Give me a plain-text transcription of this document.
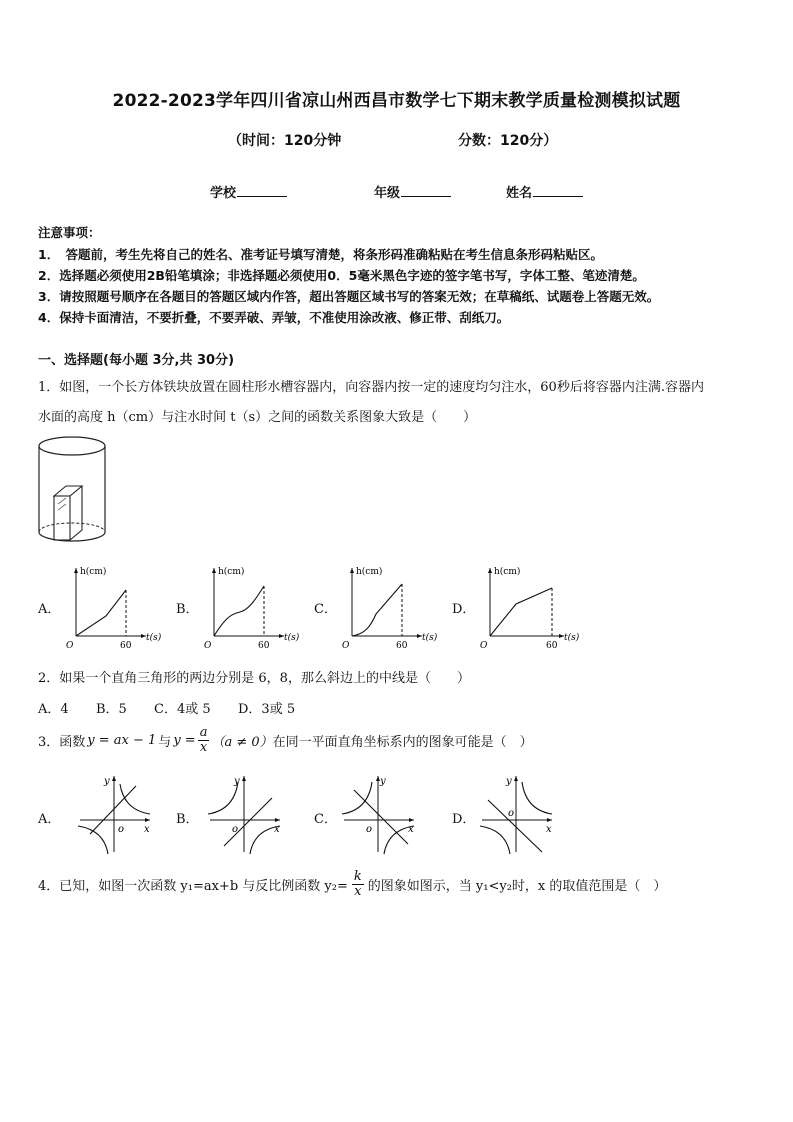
2022-2023学年四川省凉山州西昌市数学七下期末教学质量检测模拟试题
（时间：120分钟	分数：120分）
学校	年级	姓名
注意事项：
1．　答题前，考生先将自己的姓名、准考证号填写清楚，将条形码准确粘贴在考生信息条形码粘贴区。
2．选择题必须使用2B铅笔填涂；非选择题必须使用0．5毫米黑色字迹的签字笔书写，字体工整、笔迹清楚。
3．请按照题号顺序在各题目的答题区域内作答，超出答题区域书写的答案无效；在草稿纸、试题卷上答题无效。
4．保持卡面清洁，不要折叠，不要弄破、弄皱，不准使用涂改液、修正带、刮纸刀。
一、选择题(每小题 3分,共 30分)
1．如图，一个长方体铁块放置在圆柱形水槽容器内，向容器内按一定的速度均匀注水，60秒后将容器内注满.容器内
水面的高度 h（cm）与注水时间 t（s）之间的函数关系图象大致是（　　）
A．
h(cm)
t(s)
O	60
B．
h(cm)
t(s)
O	60
C．
h(cm)
t(s)
O	60
D．
h(cm)
t(s)
O	60
2．如果一个直角三角形的两边分别是 6，8，那么斜边上的中线是（　　）
A．4 B．5 C．4或 5 D．3或 5
3．函数 y = ax − 1 与 $y = \frac{a}{x} (a \ne 0)$ 在同一平面直角坐标系内的图象可能是（　）
A．
y
x
o
B．
y
x
o
C．
y
x
o
D．
y
x
o
4．已知，如图一次函数 y₁=ax+b 与反比例函数 $y_2= \frac{k}{x}$ 的图象如图示，当 y₁<y₂时，x 的取值范围是（　）
